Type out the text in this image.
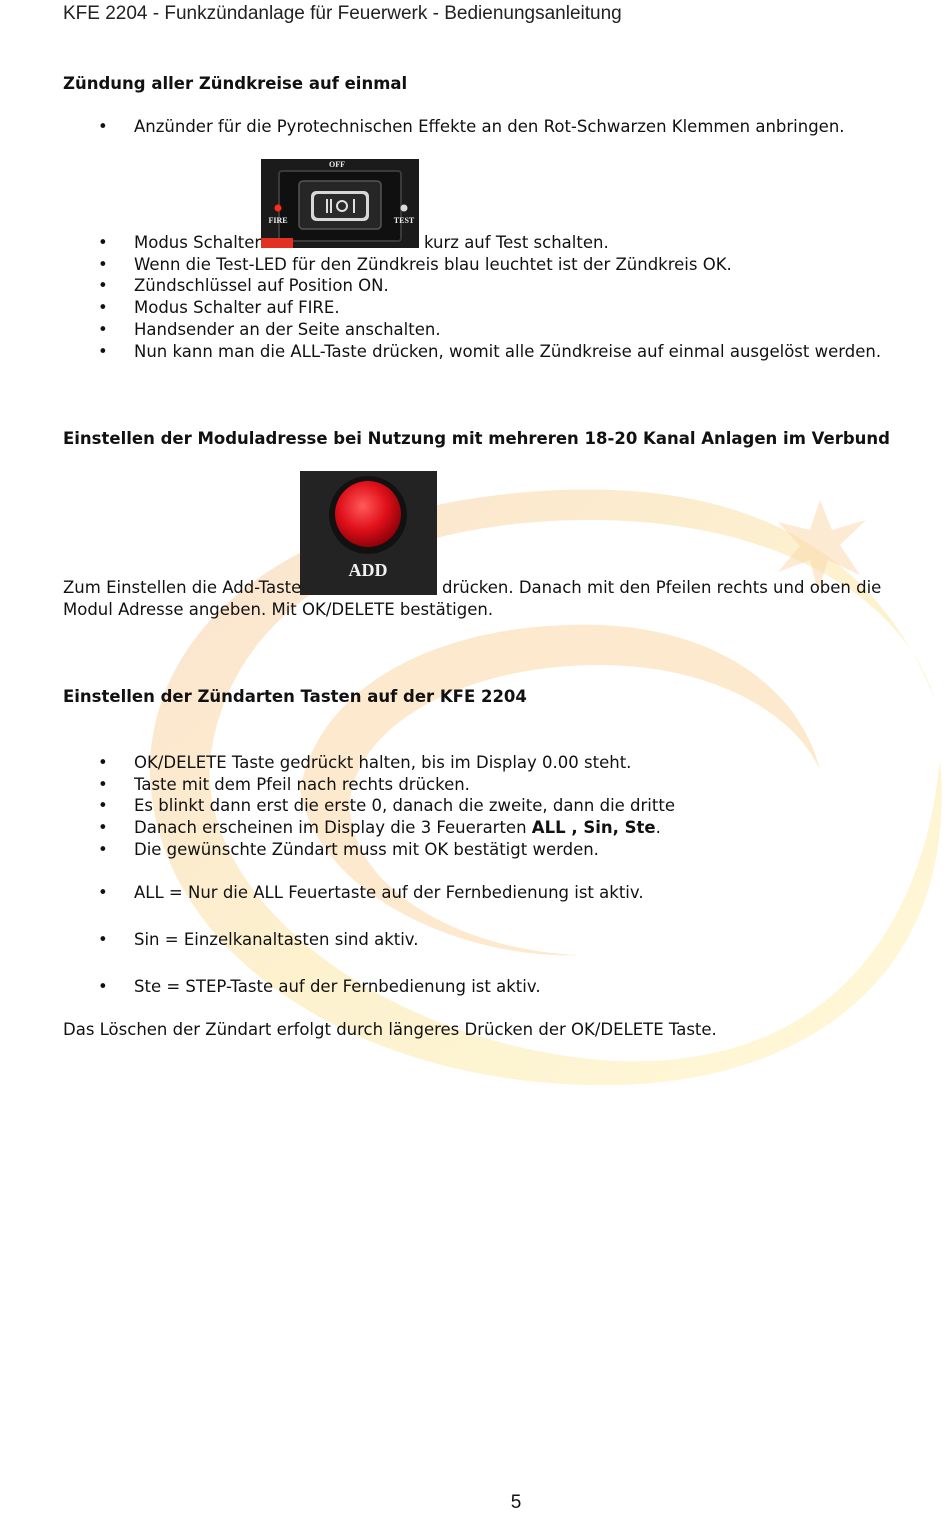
KFE 2204 - Funkzündanlage für Feuerwerk - Bedienungsanleitung
Zündung aller Zündkreise auf einmal
• Anzünder für die Pyrotechnischen Effekte an den Rot-Schwarzen Klemmen anbringen.
OFF
FIRE	TEST
• Modus Schalter	kurz auf Test schalten.
• Wenn die Test-LED für den Zündkreis blau leuchtet ist der Zündkreis OK.
• Zündschlüssel auf Position ON.
• Modus Schalter auf FIRE.
• Handsender an der Seite anschalten.
• Nun kann man die ALL-Taste drücken, womit alle Zündkreise auf einmal ausgelöst werden.
Einstellen der Moduladresse bei Nutzung mit mehreren 18-20 Kanal Anlagen im Verbund
ADD
Zum Einstellen die Add-Taste	drücken. Danach mit den Pfeilen rechts und oben die
Modul Adresse angeben. Mit OK/DELETE bestätigen.
Einstellen der Zündarten Tasten auf der KFE 2204
• OK/DELETE Taste gedrückt halten, bis im Display 0.00 steht.
• Taste mit dem Pfeil nach rechts drücken.
• Es blinkt dann erst die erste 0, danach die zweite, dann die dritte
• Danach erscheinen im Display die 3 Feuerarten ALL , Sin, Ste.
• Die gewünschte Zündart muss mit OK bestätigt werden.
• ALL = Nur die ALL Feuertaste auf der Fernbedienung ist aktiv.
• Sin = Einzelkanaltasten sind aktiv.
• Ste = STEP-Taste auf der Fernbedienung ist aktiv.
Das Löschen der Zündart erfolgt durch längeres Drücken der OK/DELETE Taste.
5
